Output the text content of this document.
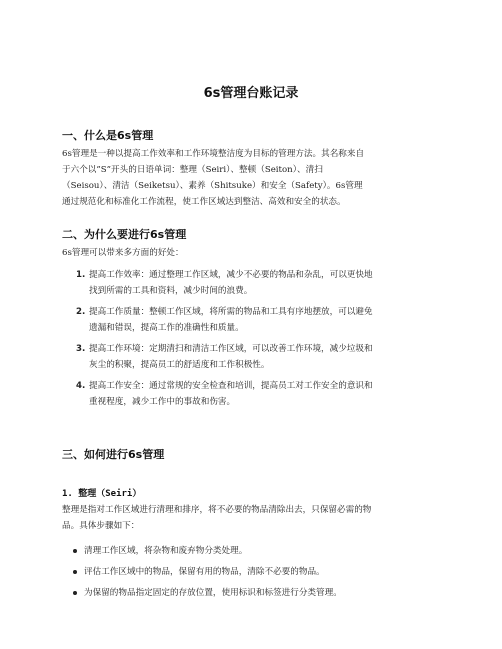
6s管理台账记录
一、什么是6s管理
6s管理是一种以提高工作效率和工作环境整洁度为目标的管理方法。其名称来自
于六个以”S”开头的日语单词：整理（Seiri）、整顿（Seiton）、清扫
（Seisou）、清洁（Seiketsu）、素养（Shitsuke）和安全（Safety）。6s管理
通过规范化和标准化工作流程，使工作区域达到整洁、高效和安全的状态。
二、为什么要进行6s管理
6s管理可以带来多方面的好处：
1. 提高工作效率：通过整理工作区域，减少不必要的物品和杂乱，可以更快地
找到所需的工具和资料，减少时间的浪费。
2. 提高工作质量：整顿工作区域，将所需的物品和工具有序地摆放，可以避免
遗漏和错误，提高工作的准确性和质量。
3. 提高工作环境：定期清扫和清洁工作区域，可以改善工作环境，减少垃圾和
灰尘的积聚，提高员工的舒适度和工作积极性。
4. 提高工作安全：通过常规的安全检查和培训，提高员工对工作安全的意识和
重视程度，减少工作中的事故和伤害。
三、如何进行6s管理
1. 整理（Seiri）
整理是指对工作区域进行清理和排序，将不必要的物品清除出去，只保留必需的物
品。具体步骤如下：
清理工作区域，将杂物和废弃物分类处理。
评估工作区域中的物品，保留有用的物品，清除不必要的物品。
为保留的物品指定固定的存放位置，使用标识和标签进行分类管理。
